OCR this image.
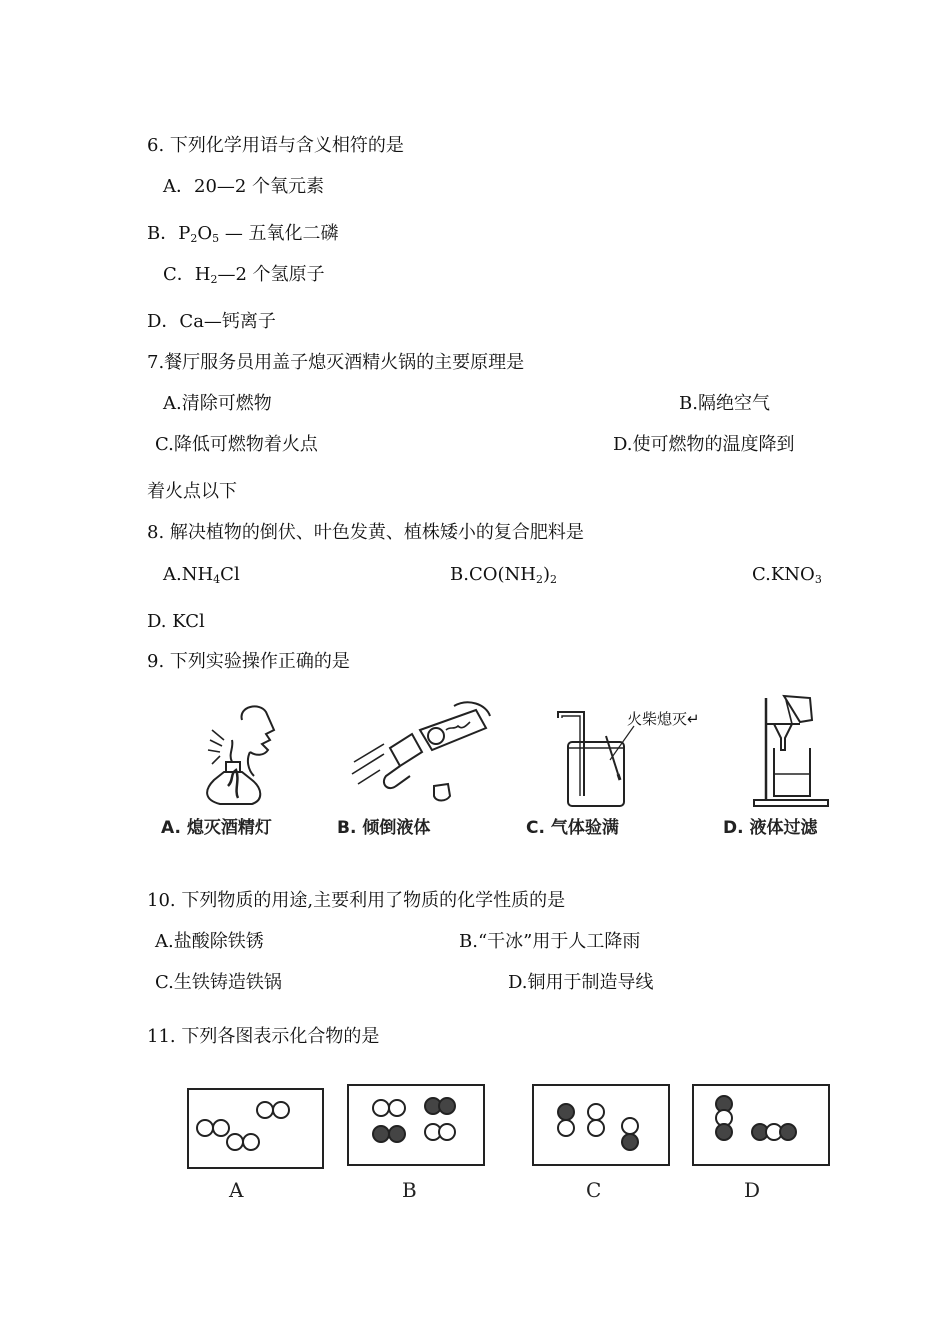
6. 下列化学用语与含义相符的是
A．20—2 个氧元素
B．$P_2O_5$ — 五氧化二磷
C．$H_2—2$ 个氢原子
D．Ca—钙离子
7.餐厅服务员用盖子熄灭酒精火锅的主要原理是
A.清除可燃物	B.隔绝空气
C.降低可燃物着火点	D.使可燃物的温度降到
着火点以下
8. 解决植物的倒伏、叶色发黄、植株矮小的复合肥料是
$A.NH_4Cl$	$B.CO(NH_2)_2$	$C.KNO_3$
D. KCl
9. 下列实验操作正确的是
A. 熄灭酒精灯	B. 倾倒液体
火柴熄灭↵
C. 气体验满	D. 液体过滤
10. 下列物质的用途,主要利用了物质的化学性质的是
A.盐酸除铁锈	B.“干冰”用于人工降雨
C.生铁铸造铁锅	D.铜用于制造导线
11. 下列各图表示化合物的是
A	B	C	D
